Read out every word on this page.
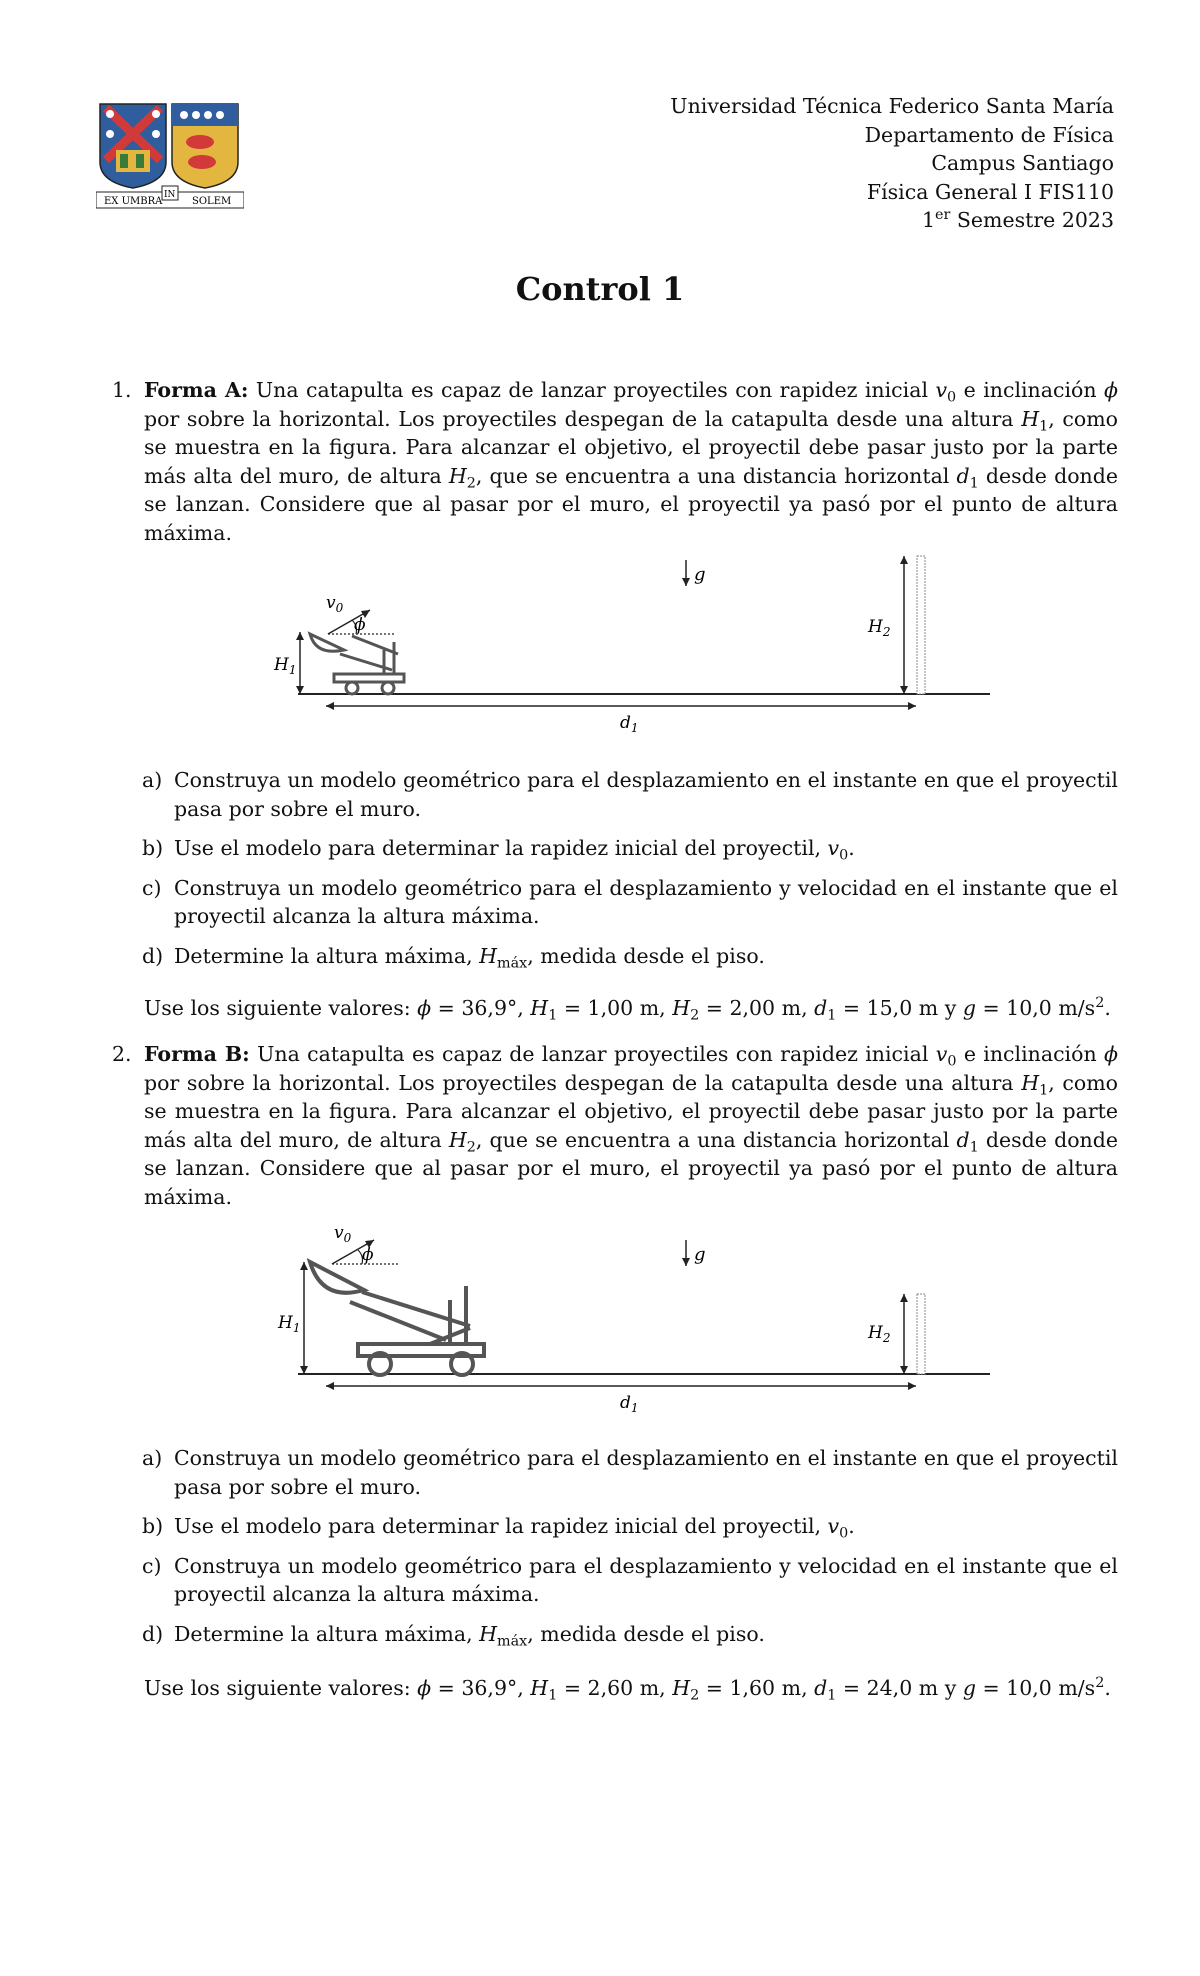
EX UMBRA
IN
SOLEM
Universidad Técnica Federico Santa María
Departamento de Física
Campus Santiago
Física General I FIS110
1er Semestre 2023
Control 1
1. Forma A: Una catapulta es capaz de lanzar proyectiles con rapidez inicial $v_0$ e inclinación ϕ por sobre la horizontal. Los proyectiles despegan de la catapulta desde una altura $H_1$, como se muestra en la figura. Para alcanzar el objetivo, el proyectil debe pasar justo por la parte más alta del muro, de altura $H_2$, que se encuentra a una distancia horizontal $d_1$ desde donde se lanzan. Considere que al pasar por el muro, el proyectil ya pasó por el punto de altura máxima.
$H_1$
$v_0$
ϕ
g
$H_2$
$d_1$
a) Construya un modelo geométrico para el desplazamiento en el instante en que el proyectil pasa por sobre el muro.
b) Use el modelo para determinar la rapidez inicial del proyectil, $v_0$.
c) Construya un modelo geométrico para el desplazamiento y velocidad en el instante que el proyectil alcanza la altura máxima.
d) Determine la altura máxima, $H_{máx}$, medida desde el piso.
Use los siguiente valores: ϕ = 36,9°, $H_1 = 1,00$ m, $H_2 = 2,00$ m, $d_1 = 15,0$ m y g = 10,0 $m/s^2$.
2. Forma B: Una catapulta es capaz de lanzar proyectiles con rapidez inicial $v_0$ e inclinación ϕ por sobre la horizontal. Los proyectiles despegan de la catapulta desde una altura $H_1$, como se muestra en la figura. Para alcanzar el objetivo, el proyectil debe pasar justo por la parte más alta del muro, de altura $H_2$, que se encuentra a una distancia horizontal $d_1$ desde donde se lanzan. Considere que al pasar por el muro, el proyectil ya pasó por el punto de altura máxima.
$H_1$
$v_0$
ϕ	g
$H_2$
$d_1$
a) Construya un modelo geométrico para el desplazamiento en el instante en que el proyectil pasa por sobre el muro.
b) Use el modelo para determinar la rapidez inicial del proyectil, $v_0$.
c) Construya un modelo geométrico para el desplazamiento y velocidad en el instante que el proyectil alcanza la altura máxima.
d) Determine la altura máxima, $H_{máx}$, medida desde el piso.
Use los siguiente valores: ϕ = 36,9°, $H_1 = 2,60$ m, $H_2 = 1,60$ m, $d_1 = 24,0$ m y g = 10,0 $m/s^2$.
